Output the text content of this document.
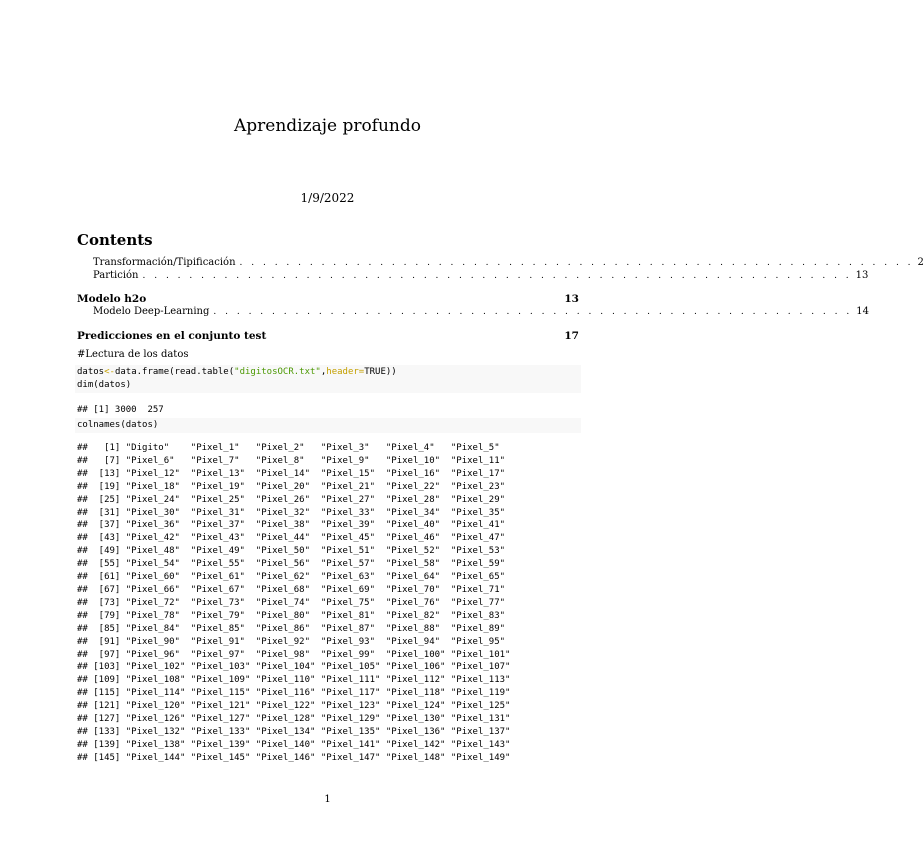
Aprendizaje profundo
1/9/2022
Contents
Transformación/Tipificación . . . . . . . . . . . . . . . . . . . . . . . . . . . . . . . . . . . . . . . . . . . . . . . . . . . . . . . . . . 2
Partición . . . . . . . . . . . . . . . . . . . . . . . . . . . . . . . . . . . . . . . . . . . . . . . . . . . . . . . . . . . . . 13
Modelo h2o	13
Modelo Deep-Learning . . . . . . . . . . . . . . . . . . . . . . . . . . . . . . . . . . . . . . . . . . . . . . . . . . . . . . . 14
Predicciones en el conjunto test	17
#Lectura de los datos
datos<-data.frame(read.table("digitosOCR.txt",header=TRUE))
dim(datos)
## [1] 3000  257
colnames(datos)
##   [1] "Digito"    "Pixel_1"   "Pixel_2"   "Pixel_3"   "Pixel_4"   "Pixel_5"
##   [7] "Pixel_6"   "Pixel_7"   "Pixel_8"   "Pixel_9"   "Pixel_10"  "Pixel_11"
##  [13] "Pixel_12"  "Pixel_13"  "Pixel_14"  "Pixel_15"  "Pixel_16"  "Pixel_17"
##  [19] "Pixel_18"  "Pixel_19"  "Pixel_20"  "Pixel_21"  "Pixel_22"  "Pixel_23"
##  [25] "Pixel_24"  "Pixel_25"  "Pixel_26"  "Pixel_27"  "Pixel_28"  "Pixel_29"
##  [31] "Pixel_30"  "Pixel_31"  "Pixel_32"  "Pixel_33"  "Pixel_34"  "Pixel_35"
##  [37] "Pixel_36"  "Pixel_37"  "Pixel_38"  "Pixel_39"  "Pixel_40"  "Pixel_41"
##  [43] "Pixel_42"  "Pixel_43"  "Pixel_44"  "Pixel_45"  "Pixel_46"  "Pixel_47"
##  [49] "Pixel_48"  "Pixel_49"  "Pixel_50"  "Pixel_51"  "Pixel_52"  "Pixel_53"
##  [55] "Pixel_54"  "Pixel_55"  "Pixel_56"  "Pixel_57"  "Pixel_58"  "Pixel_59"
##  [61] "Pixel_60"  "Pixel_61"  "Pixel_62"  "Pixel_63"  "Pixel_64"  "Pixel_65"
##  [67] "Pixel_66"  "Pixel_67"  "Pixel_68"  "Pixel_69"  "Pixel_70"  "Pixel_71"
##  [73] "Pixel_72"  "Pixel_73"  "Pixel_74"  "Pixel_75"  "Pixel_76"  "Pixel_77"
##  [79] "Pixel_78"  "Pixel_79"  "Pixel_80"  "Pixel_81"  "Pixel_82"  "Pixel_83"
##  [85] "Pixel_84"  "Pixel_85"  "Pixel_86"  "Pixel_87"  "Pixel_88"  "Pixel_89"
##  [91] "Pixel_90"  "Pixel_91"  "Pixel_92"  "Pixel_93"  "Pixel_94"  "Pixel_95"
##  [97] "Pixel_96"  "Pixel_97"  "Pixel_98"  "Pixel_99"  "Pixel_100" "Pixel_101"
## [103] "Pixel_102" "Pixel_103" "Pixel_104" "Pixel_105" "Pixel_106" "Pixel_107"
## [109] "Pixel_108" "Pixel_109" "Pixel_110" "Pixel_111" "Pixel_112" "Pixel_113"
## [115] "Pixel_114" "Pixel_115" "Pixel_116" "Pixel_117" "Pixel_118" "Pixel_119"
## [121] "Pixel_120" "Pixel_121" "Pixel_122" "Pixel_123" "Pixel_124" "Pixel_125"
## [127] "Pixel_126" "Pixel_127" "Pixel_128" "Pixel_129" "Pixel_130" "Pixel_131"
## [133] "Pixel_132" "Pixel_133" "Pixel_134" "Pixel_135" "Pixel_136" "Pixel_137"
## [139] "Pixel_138" "Pixel_139" "Pixel_140" "Pixel_141" "Pixel_142" "Pixel_143"
## [145] "Pixel_144" "Pixel_145" "Pixel_146" "Pixel_147" "Pixel_148" "Pixel_149"
1
